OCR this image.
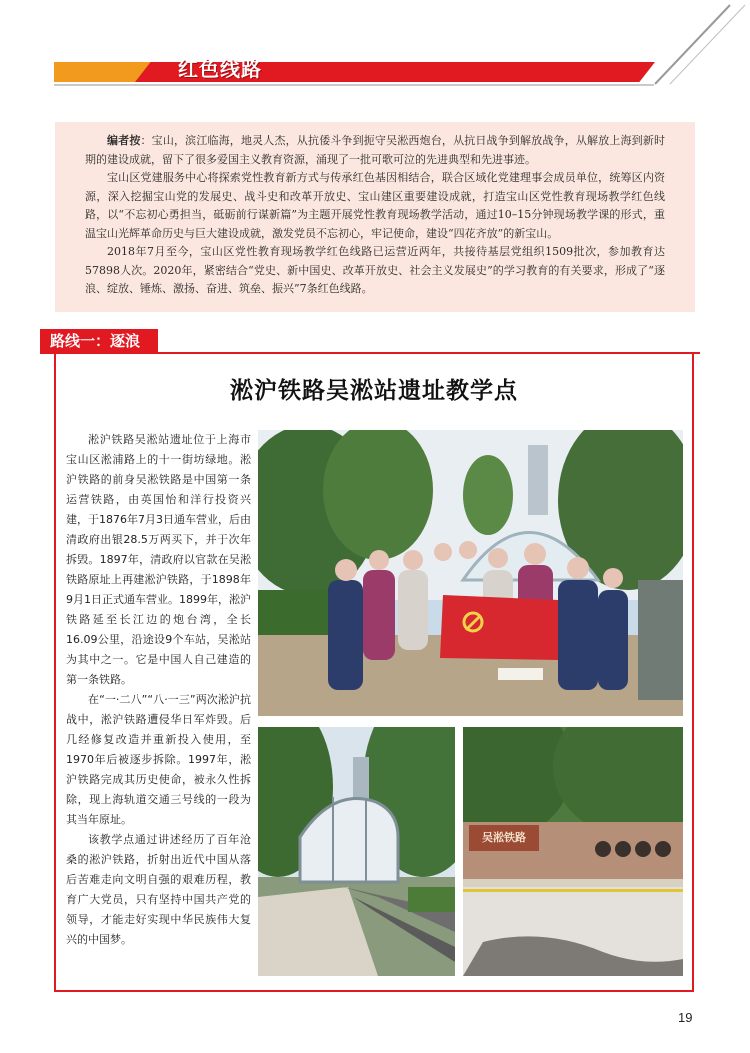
红色线路

编者按：宝山，滨江临海，地灵人杰，从抗倭斗争到扼守吴淞西炮台，从抗日战争到解放战争，从解放上海到新时期的建设成就，留下了很多爱国主义教育资源，涌现了一批可歌可泣的先进典型和先进事迹。

宝山区党建服务中心将探索党性教育新方式与传承红色基因相结合，联合区域化党建理事会成员单位，统筹区内资源，深入挖掘宝山党的发展史、战斗史和改革开放史、宝山建区重要建设成就，打造宝山区党性教育现场教学红色线路，以“不忘初心勇担当，砥砺前行谋新篇”为主题开展党性教育现场教学活动，通过10–15分钟现场教学课的形式，重温宝山光辉革命历史与巨大建设成就，激发党员不忘初心，牢记使命，建设“四花齐放”的新宝山。

2018年7月至今，宝山区党性教育现场教学红色线路已运营近两年，共接待基层党组织1509批次，参加教育达57898人次。2020年，紧密结合“党史、新中国史、改革开放史、社会主义发展史”的学习教育的有关要求，形成了“逐浪、绽放、锤炼、激扬、奋进、筑垒、振兴”7条红色线路。

路线一：逐浪
淞沪铁路吴淞站遗址教学点

淞沪铁路吴淞站遗址位于上海市宝山区淞浦路上的十一街坊绿地。淞沪铁路的前身吴淞铁路是中国第一条运营铁路，由英国怡和洋行投资兴建，于1876年7月3日通车营业，后由清政府出银28.5万两买下，并于次年拆毁。1897年，清政府以官款在吴淞铁路原址上再建淞沪铁路，于1898年9月1日正式通车营业。1899年，淞沪铁路延至长江边的炮台湾，全长16.09公里，沿途设9个车站，吴淞站为其中之一。它是中国人自己建造的第一条铁路。

在“一·二八”“八·一三”两次淞沪抗战中，淞沪铁路遭侵华日军炸毁。后几经修复改造并重新投入使用，至1970年后被逐步拆除。1997年，淞沪铁路完成其历史使命，被永久性拆除，现上海轨道交通三号线的一段为其当年原址。

该教学点通过讲述经历了百年沧桑的淞沪铁路，折射出近代中国从落后苦难走向文明自强的艰难历程，教育广大党员，只有坚持中国共产党的领导，才能走好实现中华民族伟大复兴的中国梦。

吴淞铁路
19
